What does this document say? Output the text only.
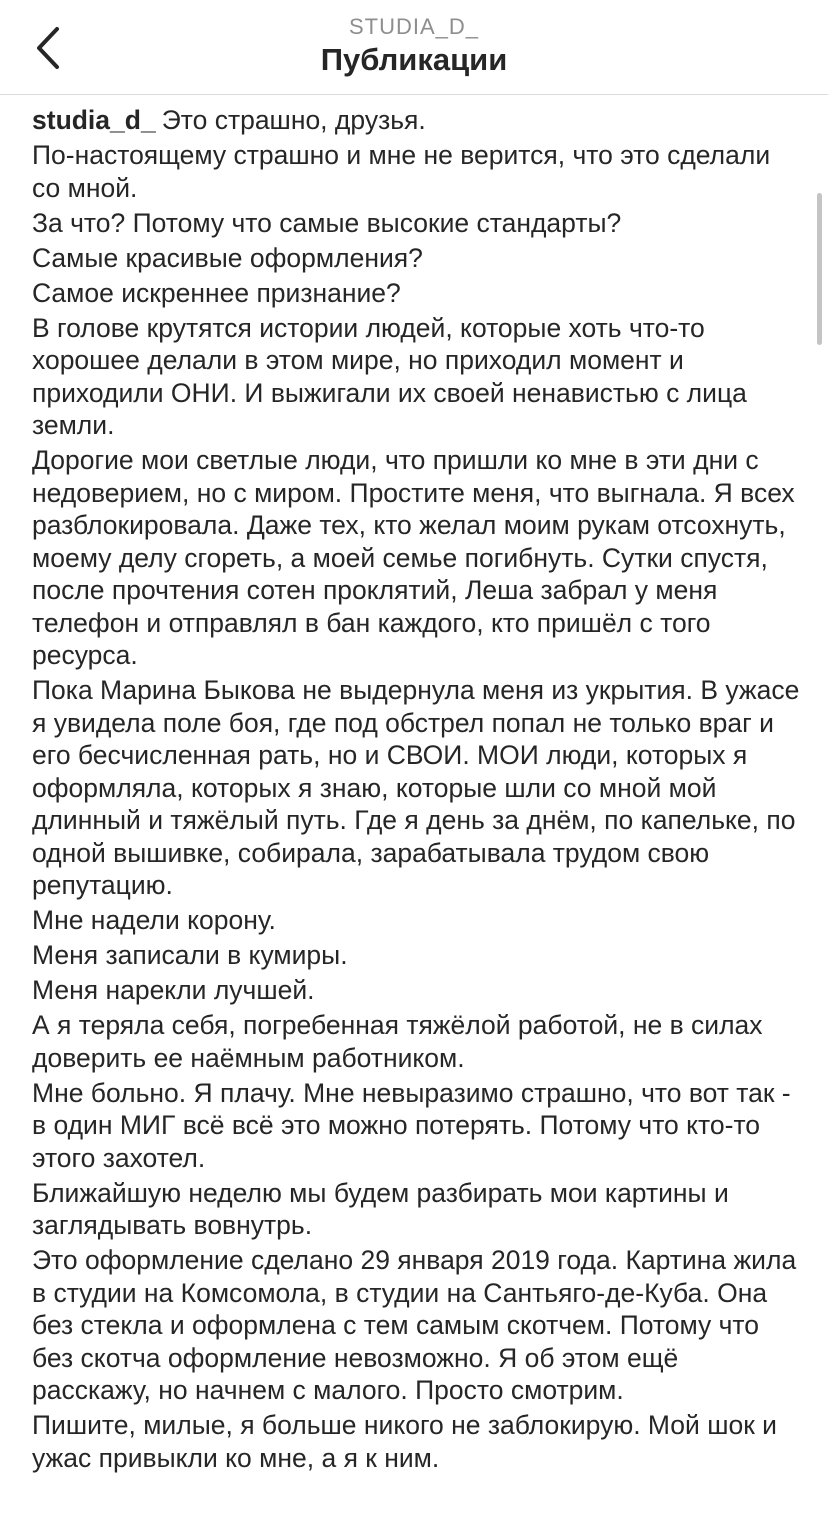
STUDIA_D_
Публикации

studia_d_ Это страшно, друзья.

По-настоящему страшно и мне не верится, что это сделали со мной.

За что? Потому что самые высокие стандарты?

Самые красивые оформления?

Самое искреннее признание?

В голове крутятся истории людей, которые хоть что-то хорошее делали в этом мире, но приходил момент и приходили ОНИ. И выжигали их своей ненавистью с лица земли.

Дорогие мои светлые люди, что пришли ко мне в эти дни с недоверием, но с миром. Простите меня, что выгнала. Я всех разблокировала. Даже тех, кто желал моим рукам отсохнуть, моему делу сгореть, а моей семье погибнуть. Сутки спустя, после прочтения сотен проклятий, Леша забрал у меня телефон и отправлял в бан каждого, кто пришёл с того ресурса.

Пока Марина Быкова не выдернула меня из укрытия. В ужасе я увидела поле боя, где под обстрел попал не только враг и его бесчисленная рать, но и СВОИ. МОИ люди, которых я оформляла, которых я знаю, которые шли со мной мой длинный и тяжёлый путь. Где я день за днём, по капельке, по одной вышивке, собирала, зарабатывала трудом свою репутацию.

Мне надели корону.

Меня записали в кумиры.

Меня нарекли лучшей.

А я теряла себя, погребенная тяжёлой работой, не в силах доверить ее наёмным работником.

Мне больно. Я плачу. Мне невыразимо страшно, что вот так - в один МИГ всё всё это можно потерять. Потому что кто-то этого захотел.

Ближайшую неделю мы будем разбирать мои картины и заглядывать вовнутрь.

Это оформление сделано 29 января 2019 года. Картина жила в студии на Комсомола, в студии на Сантьяго-де-Куба. Она без стекла и оформлена с тем самым скотчем. Потому что без скотча оформление невозможно. Я об этом ещё расскажу, но начнем с малого. Просто смотрим.

Пишите, милые, я больше никого не заблокирую. Мой шок и ужас привыкли ко мне, а я к ним.
